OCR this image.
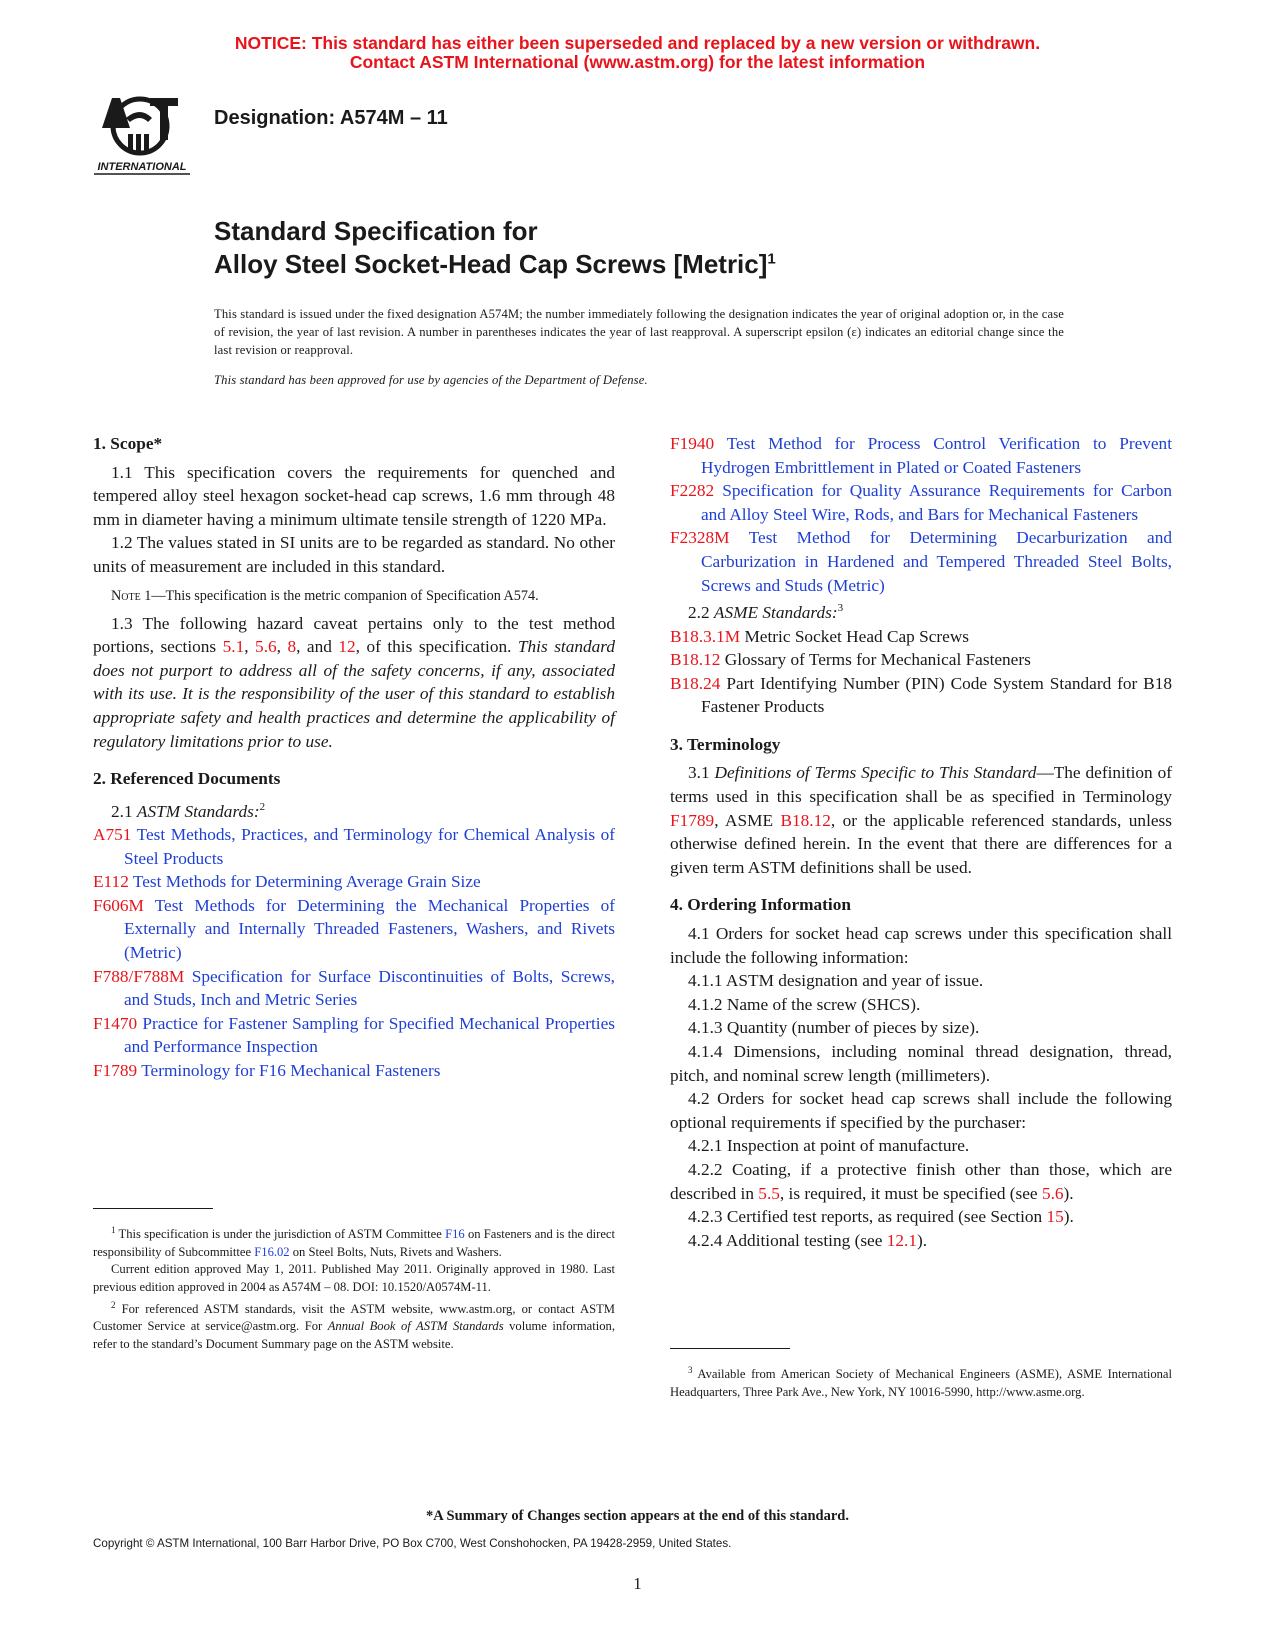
NOTICE: This standard has either been superseded and replaced by a new version or withdrawn.
Contact ASTM International (www.astm.org) for the latest information
INTERNATIONAL
Designation: A574M – 11
Standard Specification for
Alloy Steel Socket-Head Cap Screws [Metric]$^1$
This standard is issued under the fixed designation A574M; the number immediately following the designation indicates the year of original adoption or, in the case of revision, the year of last revision. A number in parentheses indicates the year of last reapproval. A superscript epsilon (ε) indicates an editorial change since the last revision or reapproval.
This standard has been approved for use by agencies of the Department of Defense.
1. Scope*

1.1 This specification covers the requirements for quenched and tempered alloy steel hexagon socket-head cap screws, 1.6 mm through 48 mm in diameter having a minimum ultimate tensile strength of 1220 MPa.

1.2 The values stated in SI units are to be regarded as standard. No other units of measurement are included in this standard.

Note 1—This specification is the metric companion of Specification A574.

1.3 The following hazard caveat pertains only to the test method portions, sections 5.1, 5.6, 8, and 12, of this specification. This standard does not purport to address all of the safety concerns, if any, associated with its use. It is the responsibility of the user of this standard to establish appropriate safety and health practices and determine the applicability of regulatory limitations prior to use.

2. Referenced Documents
2.1 ASTM Standards:$^2$
A751 Test Methods, Practices, and Terminology for Chemical Analysis of Steel Products
E112 Test Methods for Determining Average Grain Size
F606M Test Methods for Determining the Mechanical Properties of Externally and Internally Threaded Fasteners, Washers, and Rivets (Metric)
F788/F788M Specification for Surface Discontinuities of Bolts, Screws, and Studs, Inch and Metric Series
F1470 Practice for Fastener Sampling for Specified Mechanical Properties and Performance Inspection
F1789 Terminology for F16 Mechanical Fasteners
F1940 Test Method for Process Control Verification to Prevent Hydrogen Embrittlement in Plated or Coated Fasteners
F2282 Specification for Quality Assurance Requirements for Carbon and Alloy Steel Wire, Rods, and Bars for Mechanical Fasteners
F2328M Test Method for Determining Decarburization and Carburization in Hardened and Tempered Threaded Steel Bolts, Screws and Studs (Metric)
2.2 ASME Standards:$^3$
B18.3.1M Metric Socket Head Cap Screws
B18.12 Glossary of Terms for Mechanical Fasteners
B18.24 Part Identifying Number (PIN) Code System Standard for B18 Fastener Products
3. Terminology

3.1 Definitions of Terms Specific to This Standard—The definition of terms used in this specification shall be as specified in Terminology F1789, ASME B18.12, or the applicable referenced standards, unless otherwise defined herein. In the event that there are differences for a given term ASTM definitions shall be used.

4. Ordering Information

4.1 Orders for socket head cap screws under this specification shall include the following information:

4.1.1 ASTM designation and year of issue.

4.1.2 Name of the screw (SHCS).

4.1.3 Quantity (number of pieces by size).

4.1.4 Dimensions, including nominal thread designation, thread, pitch, and nominal screw length (millimeters).

4.2 Orders for socket head cap screws shall include the following optional requirements if specified by the purchaser:

4.2.1 Inspection at point of manufacture.

4.2.2 Coating, if a protective finish other than those, which are described in 5.5, is required, it must be specified (see 5.6).

4.2.3 Certified test reports, as required (see Section 15).

4.2.4 Additional testing (see 12.1).

$^1$ This specification is under the jurisdiction of ASTM Committee F16 on Fasteners and is the direct responsibility of Subcommittee F16.02 on Steel Bolts, Nuts, Rivets and Washers.

Current edition approved May 1, 2011. Published May 2011. Originally approved in 1980. Last previous edition approved in 2004 as A574M – 08. DOI: 10.1520/A0574M-11.

$^2$ For referenced ASTM standards, visit the ASTM website, www.astm.org, or contact ASTM Customer Service at service@astm.org. For Annual Book of ASTM Standards volume information, refer to the standard’s Document Summary page on the ASTM website.

$^3$ Available from American Society of Mechanical Engineers (ASME), ASME International Headquarters, Three Park Ave., New York, NY 10016-5990, http://www.asme.org.

*A Summary of Changes section appears at the end of this standard.
Copyright © ASTM International, 100 Barr Harbor Drive, PO Box C700, West Conshohocken, PA 19428-2959, United States.
1
